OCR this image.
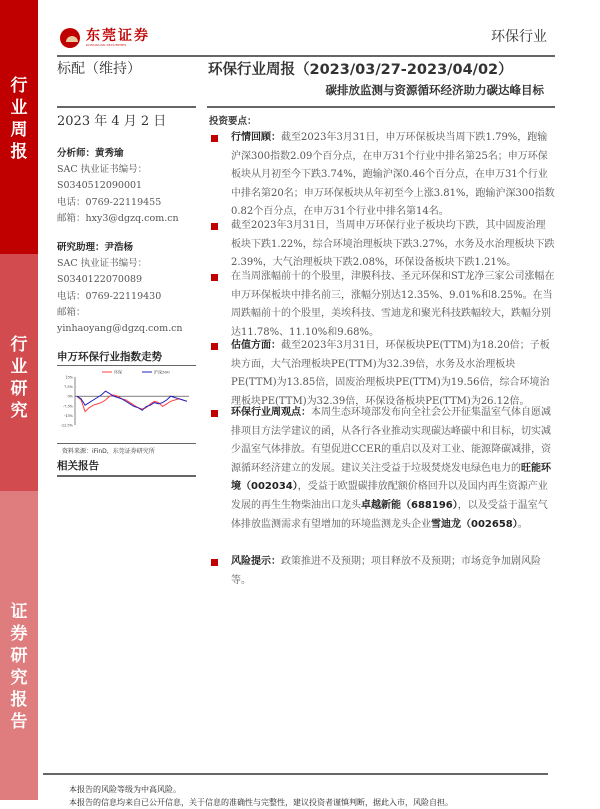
行业周报
行业研究
证券研究报告
东莞证券
DONGGUAN SECURITIES	环保行业
标配（维持）	环保行业周报（2023/03/27-2023/04/02）
碳排放监测与资源循环经济助力碳达峰目标
2023 年 4 月 2 日	投资要点：
分析师：黄秀瑜
SAC 执业证书编号：
S0340512090001
电话：0769-22119455
邮箱：hxy3@dgzq.com.cn
研究助理：尹浩杨
SAC 执业证书编号：
S0340122070089
电话：0769-22119430
邮箱：
yinhaoyang@dgzq.com.cn
申万环保行业指数走势
15%
7.5%
0%
-7.5%
-15%
-22.5%
环保	沪深300
资料来源：iFinD，东莞证券研究所
相关报告
行情回顾：截至2023年3月31日，申万环保板块当周下跌1.79%，跑输沪深300指数2.09个百分点，在申万31个行业中排名第25名；申万环保板块从月初至今下跌3.74%，跑输沪深0.46个百分点，在申万31个行业中排名第20名；申万环保板块从年初至今上涨3.81%，跑输沪深300指数0.82个百分点，在申万31个行业中排名第14名。
截至2023年3月31日，当周申万环保行业子板块均下跌，其中固废治理板块下跌1.22%，综合环境治理板块下跌3.27%，水务及水治理板块下跌2.39%，大气治理板块下跌2.08%，环保设备板块下跌1.21%。
在当周涨幅前十的个股里，津膜科技、圣元环保和ST龙净三家公司涨幅在申万环保板块中排名前三，涨幅分别达12.35%、9.01%和8.25%。在当周跌幅前十的个股里，美埃科技、雪迪龙和聚光科技跌幅较大，跌幅分别达11.78%、11.10%和9.68%。
估值方面：截至2023年3月31日，环保板块PE(TTM)为18.20倍；子板块方面，大气治理板块PE(TTM)为32.39倍，水务及水治理板块PE(TTM)为13.85倍，固废治理板块PE(TTM)为19.56倍，综合环境治理板块PE(TTM)为32.39倍，环保设备板块PE(TTM)为26.12倍。
环保行业周观点：本周生态环境部发布向全社会公开征集温室气体自愿减排项目方法学建议的函，从各行各业推动实现碳达峰碳中和目标，切实减少温室气体排放。有望促进CCER的重启以及对工业、能源降碳减排，资源循环经济建立的发展。建议关注受益于垃圾焚烧发电绿色电力的旺能环境（002034），受益于欧盟碳排放配额价格回升以及国内再生资源产业发展的再生生物柴油出口龙头卓越新能（688196），以及受益于温室气体排放监测需求有望增加的环境监测龙头企业雪迪龙（002658）。
风险提示：政策推进不及预期；项目释放不及预期；市场竞争加剧风险等。
本报告的风险等级为中高风险。
本报告的信息均来自已公开信息，关于信息的准确性与完整性，建议投资者谨慎判断，据此入市，风险自担。
